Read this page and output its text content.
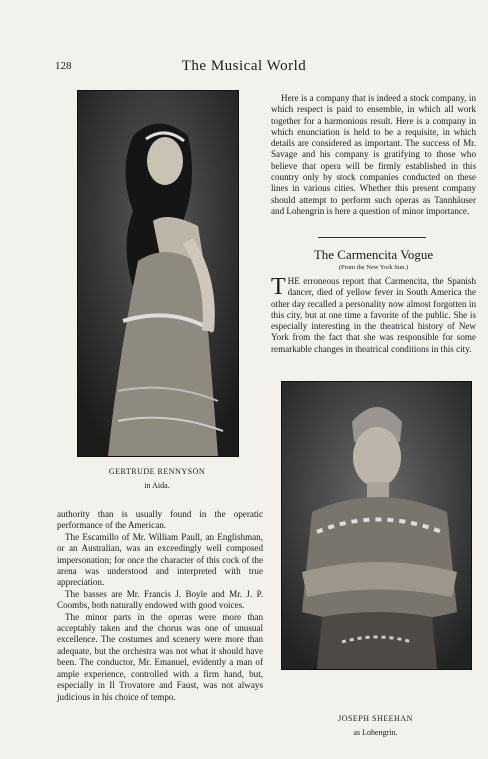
128	The Musical World
GERTRUDE RENNYSON
in Aida.

Here is a company that is indeed a stock company, in which respect is paid to ensemble, in which all work together for a harmonious result. Here is a company in which enunciation is held to be a requisite, in which details are considered as important. The success of Mr. Savage and his company is gratifying to those who believe that opera will be firmly established in this country only by stock companies conducted on these lines in various cities. Whether this present company should attempt to perform such operas as Tannhäuser and Lohengrin is here a question of minor importance.

The Carmencita Vogue
(From the New York Sun.)

THE erroneous report that Carmencita, the Spanish dancer, died of yellow fever in South America the other day recalled a personality now almost forgotten in this city, but at one time a favorite of the public. She is especially interesting in the theatrical history of New York from the fact that she was responsible for some remarkable changes in theatrical conditions in this city.

JOSEPH SHEEHAN
as Lohengrin.

authority than is usually found in the operatic performance of the American.

The Escamillo of Mr. William Paull, an Englishman, or an Australian, was an exceedingly well composed impersonation; for once the character of this cock of the arena was understood and interpreted with true appreciation.

The basses are Mr. Francis J. Boyle and Mr. J. P. Coombs, both naturally endowed with good voices.

The minor parts in the operas were more than acceptably taken and the chorus was one of unusual excellence. The costumes and scenery were more than adequate, but the orchestra was not what it should have been. The conductor, Mr. Emanuel, evidently a man of ample experience, controlled with a firm hand, but, especially in Il Trovatore and Faust, was not always judicious in his choice of tempo.
